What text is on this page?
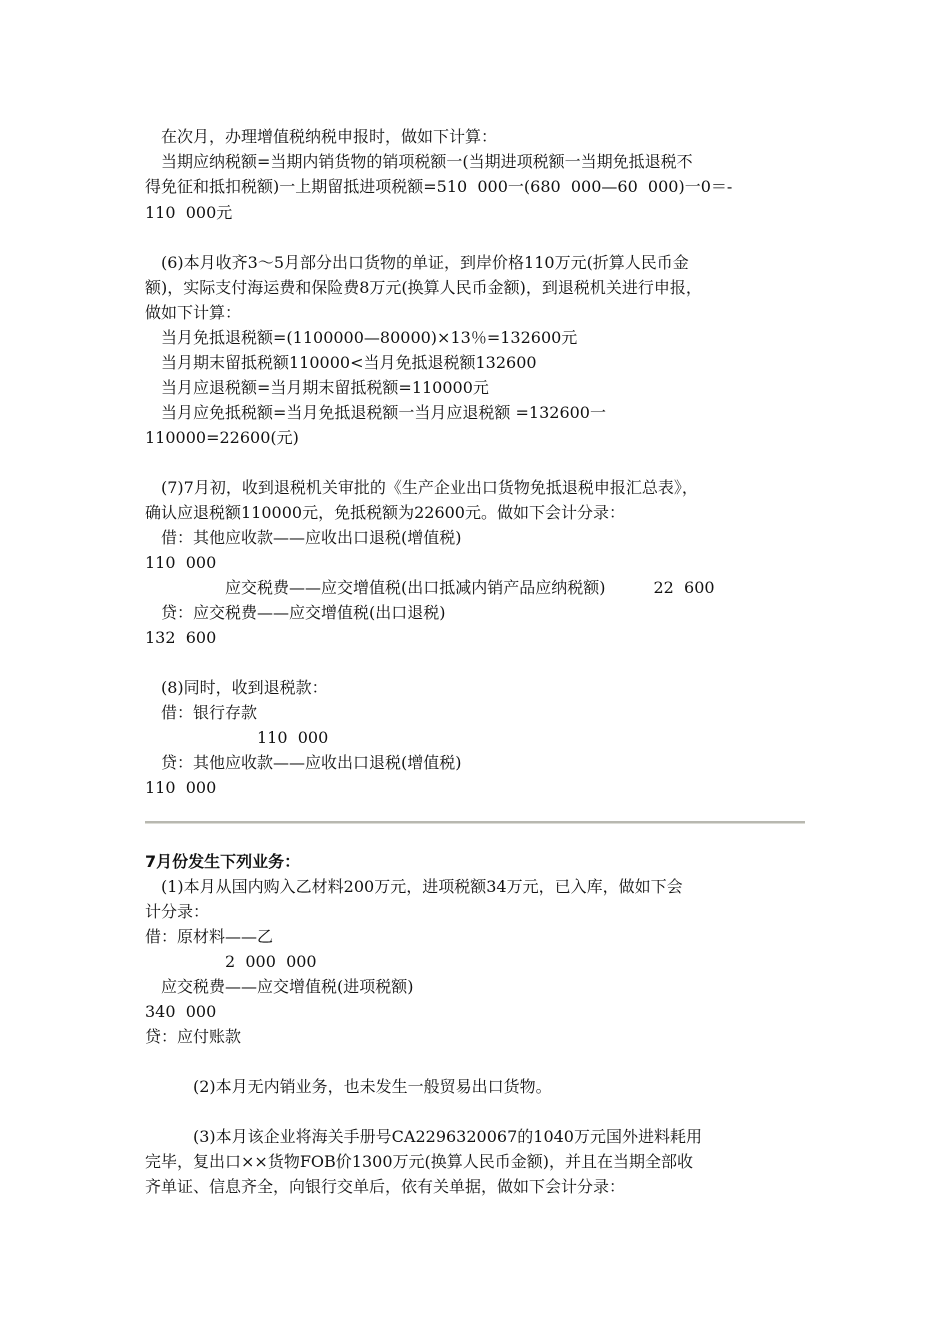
　在次月，办理增值税纳税申报时，做如下计算：
　当期应纳税额=当期内销货物的销项税额一(当期进项税额一当期免抵退税不
得免征和抵扣税额)一上期留抵进项税额=510  000一(680  000—60  000)一0＝-
110  000元
　(6)本月收齐3～5月部分出口货物的单证，到岸价格110万元(折算人民币金
额)，实际支付海运费和保险费8万元(换算人民币金额)，到退税机关进行申报，
做如下计算：
　当月免抵退税额=(1100000—80000)×13％=132600元
　当月期末留抵税额110000<当月免抵退税额132600
　当月应退税额=当月期末留抵税额=110000元
　当月应免抵税额=当月免抵退税额一当月应退税额 =132600一
110000=22600(元)
　(7)7月初，收到退税机关审批的《生产企业出口货物免抵退税申报汇总表》，
确认应退税额110000元，免抵税额为22600元。做如下会计分录：
　借：其他应收款——应收出口退税(增值税)
110  000
　　　　　应交税费——应交增值税(出口抵减内销产品应纳税额)　　　22  600
　贷：应交税费——应交增值税(出口退税)
132  600
　(8)同时，收到退税款：
　借：银行存款
　　　　　　　110  000
　贷：其他应收款——应收出口退税(增值税)
110  000
7月份发生下列业务：
　(1)本月从国内购入乙材料200万元，进项税额34万元，已入库，做如下会
计分录：
借：原材料——乙
　　　　　2  000  000
　应交税费——应交增值税(进项税额)
340  000
贷：应付账款
　　　(2)本月无内销业务，也未发生一般贸易出口货物。
　　　(3)本月该企业将海关手册号CA2296320067的1040万元国外进料耗用
完毕，复出口××货物FOB价1300万元(换算人民币金额)，并且在当期全部收
齐单证、信息齐全，向银行交单后，依有关单据，做如下会计分录：
